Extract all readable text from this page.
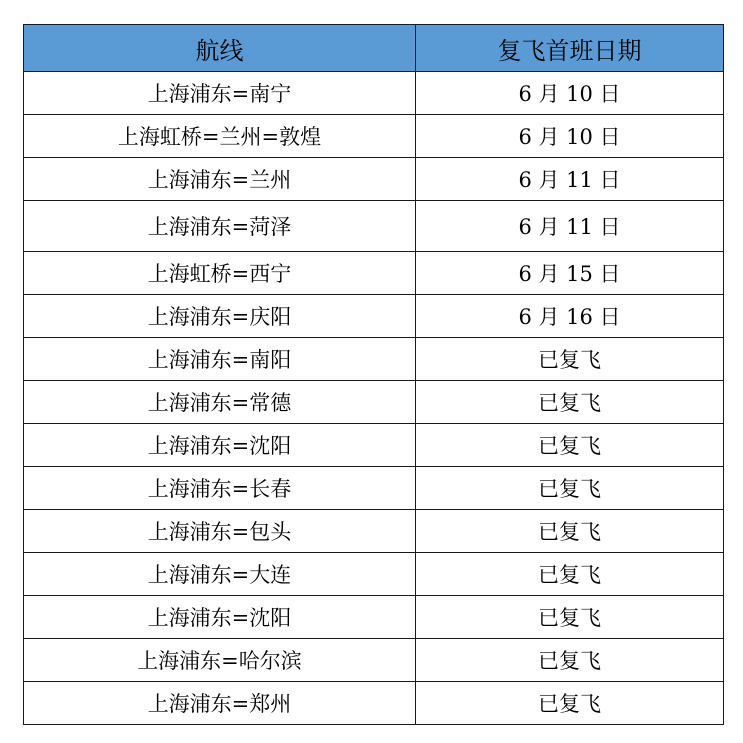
航线	复飞首班日期
上海浦东=南宁	6 月 10 日
上海虹桥=兰州=敦煌	6 月 10 日
上海浦东=兰州	6 月 11 日
上海浦东=菏泽	6 月 11 日
上海虹桥=西宁	6 月 15 日
上海浦东=庆阳	6 月 16 日
上海浦东=南阳	已复飞
上海浦东=常德	已复飞
上海浦东=沈阳	已复飞
上海浦东=长春	已复飞
上海浦东=包头	已复飞
上海浦东=大连	已复飞
上海浦东=沈阳	已复飞
上海浦东=哈尔滨	已复飞
上海浦东=郑州	已复飞
